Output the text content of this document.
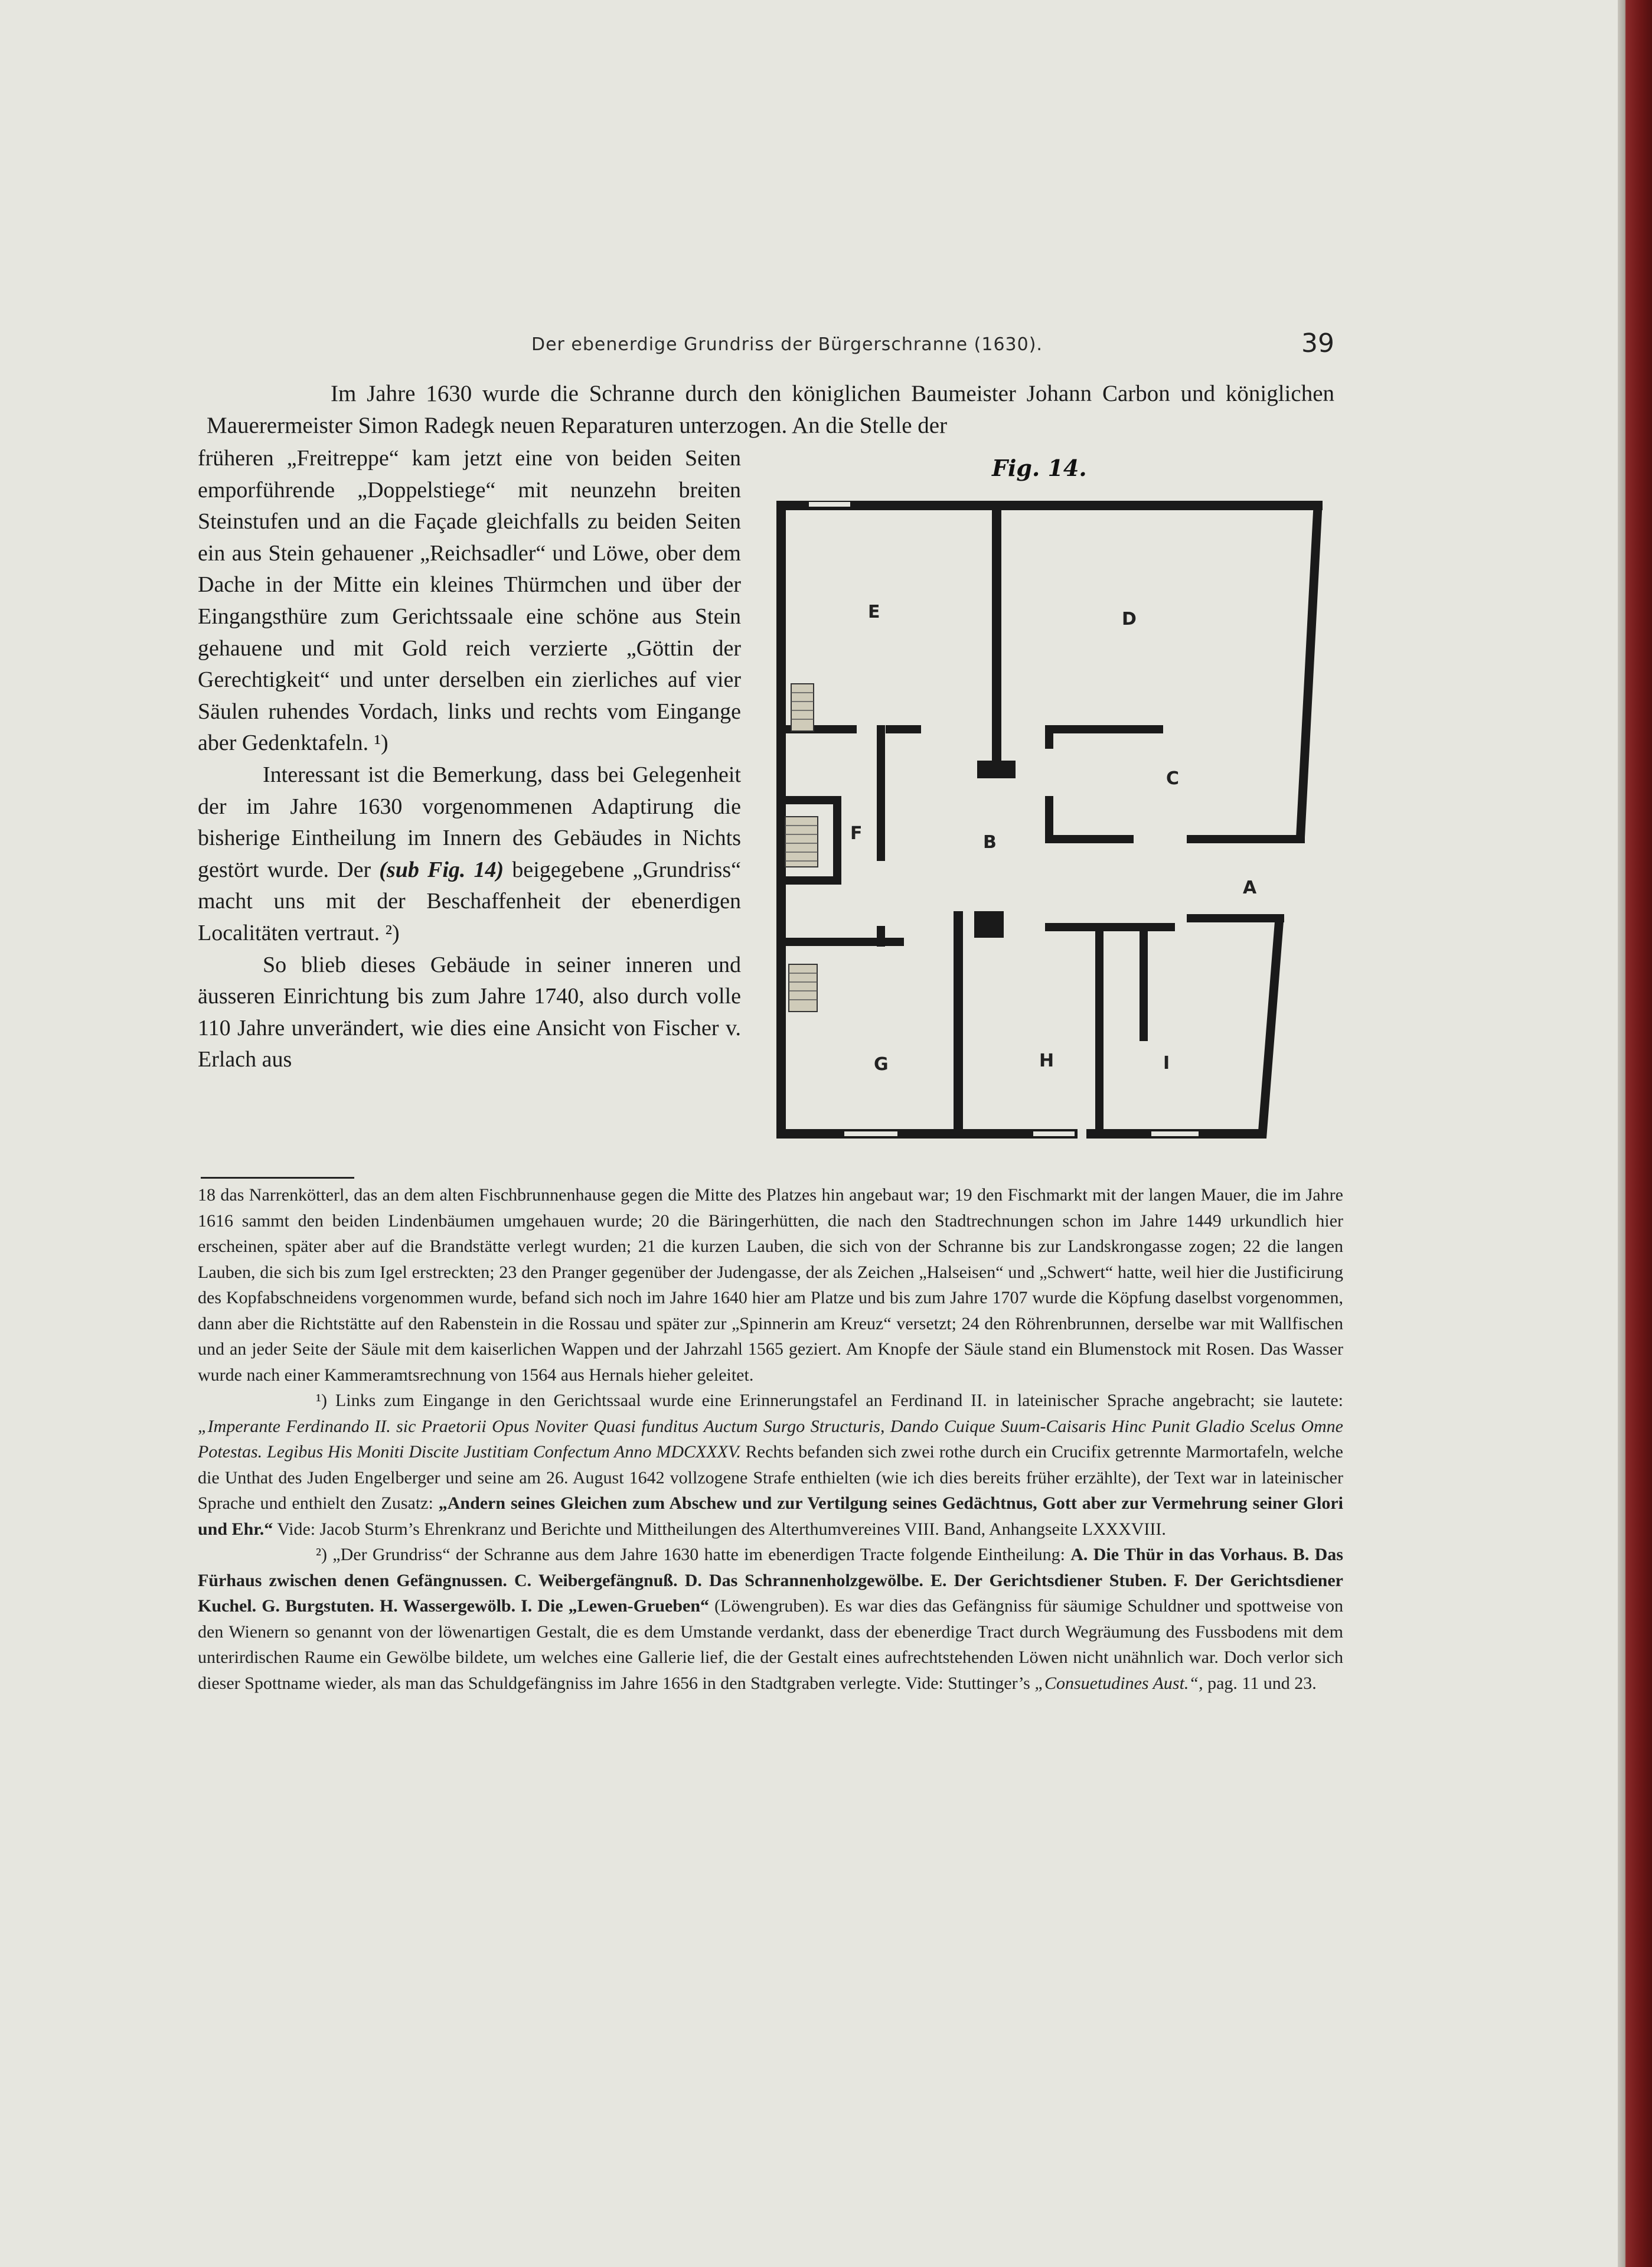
Der ebenerdige Grundriss der Bürgerschranne (1630).	39

Im Jahre 1630 wurde die Schranne durch den königlichen Baumeister Johann Carbon und königlichen Mauerermeister Simon Radegk neuen Reparaturen unterzogen. An die Stelle der

früheren „Freitreppe“ kam jetzt eine von beiden Seiten emporführende „Doppelstiege“ mit neunzehn breiten Steinstufen und an die Façade gleichfalls zu beiden Seiten ein aus Stein gehauener „Reichsadler“ und Löwe, ober dem Dache in der Mitte ein kleines Thürmchen und über der Eingangsthüre zum Gerichtssaale eine schöne aus Stein gehauene und mit Gold reich verzierte „Göttin der Gerechtigkeit“ und unter derselben ein zierliches auf vier Säulen ruhendes Vordach, links und rechts vom Eingange aber Gedenktafeln. ¹)

Interessant ist die Bemerkung, dass bei Gelegenheit der im Jahre 1630 vorgenommenen Adaptirung die bisherige Eintheilung im Innern des Gebäudes in Nichts gestört wurde. Der (sub Fig. 14) beigegebene „Grundriss“ macht uns mit der Beschaffenheit der ebenerdigen Localitäten vertraut. ²)

So blieb dieses Gebäude in seiner inneren und äusseren Einrichtung bis zum Jahre 1740, also durch volle 110 Jahre unverändert, wie dies eine Ansicht von Fischer v. Erlach aus

Fig. 14.
E	D
C
F	B
A
G	H	I

18 das Narrenkötterl, das an dem alten Fischbrunnenhause gegen die Mitte des Platzes hin angebaut war; 19 den Fischmarkt mit der langen Mauer, die im Jahre 1616 sammt den beiden Lindenbäumen umgehauen wurde; 20 die Bäringerhütten, die nach den Stadtrechnungen schon im Jahre 1449 urkundlich hier erscheinen, später aber auf die Brandstätte verlegt wurden; 21 die kurzen Lauben, die sich von der Schranne bis zur Landskrongasse zogen; 22 die langen Lauben, die sich bis zum Igel erstreckten; 23 den Pranger gegenüber der Judengasse, der als Zeichen „Halseisen“ und „Schwert“ hatte, weil hier die Justificirung des Kopfabschneidens vorgenommen wurde, befand sich noch im Jahre 1640 hier am Platze und bis zum Jahre 1707 wurde die Köpfung daselbst vorgenommen, dann aber die Richtstätte auf den Rabenstein in die Rossau und später zur „Spinnerin am Kreuz“ versetzt; 24 den Röhrenbrunnen, derselbe war mit Wallfischen und an jeder Seite der Säule mit dem kaiserlichen Wappen und der Jahrzahl 1565 geziert. Am Knopfe der Säule stand ein Blumenstock mit Rosen. Das Wasser wurde nach einer Kammeramtsrechnung von 1564 aus Hernals hieher geleitet.

¹) Links zum Eingange in den Gerichtssaal wurde eine Erinnerungstafel an Ferdinand II. in lateinischer Sprache angebracht; sie lautete: „Imperante Ferdinando II. sic Praetorii Opus Noviter Quasi funditus Auctum Surgo Structuris, Dando Cuique Suum-Caisaris Hinc Punit Gladio Scelus Omne Potestas. Legibus His Moniti Discite Justitiam Confectum Anno MDCXXXV. Rechts befanden sich zwei rothe durch ein Crucifix getrennte Marmortafeln, welche die Unthat des Juden Engelberger und seine am 26. August 1642 vollzogene Strafe enthielten (wie ich dies bereits früher erzählte), der Text war in lateinischer Sprache und enthielt den Zusatz: „Andern seines Gleichen zum Abschew und zur Vertilgung seines Gedächtnus, Gott aber zur Vermehrung seiner Glori und Ehr.“ Vide: Jacob Sturm’s Ehrenkranz und Berichte und Mittheilungen des Alterthumvereines VIII. Band, Anhangseite LXXXVIII.

²) „Der Grundriss“ der Schranne aus dem Jahre 1630 hatte im ebenerdigen Tracte folgende Eintheilung: A. Die Thür in das Vorhaus. B. Das Fürhaus zwischen denen Gefängnussen. C. Weibergefängnuß. D. Das Schrannenholzgewölbe. E. Der Gerichtsdiener Stuben. F. Der Gerichtsdiener Kuchel. G. Burgstuten. H. Wassergewölb. I. Die „Lewen-Grueben“ (Löwengruben). Es war dies das Gefängniss für säumige Schuldner und spottweise von den Wienern so genannt von der löwenartigen Gestalt, die es dem Umstande verdankt, dass der ebenerdige Tract durch Wegräumung des Fussbodens mit dem unterirdischen Raume ein Gewölbe bildete, um welches eine Gallerie lief, die der Gestalt eines aufrechtstehenden Löwen nicht unähnlich war. Doch verlor sich dieser Spottname wieder, als man das Schuldgefängniss im Jahre 1656 in den Stadtgraben verlegte. Vide: Stuttinger’s „Consuetudines Aust.“, pag. 11 und 23.
